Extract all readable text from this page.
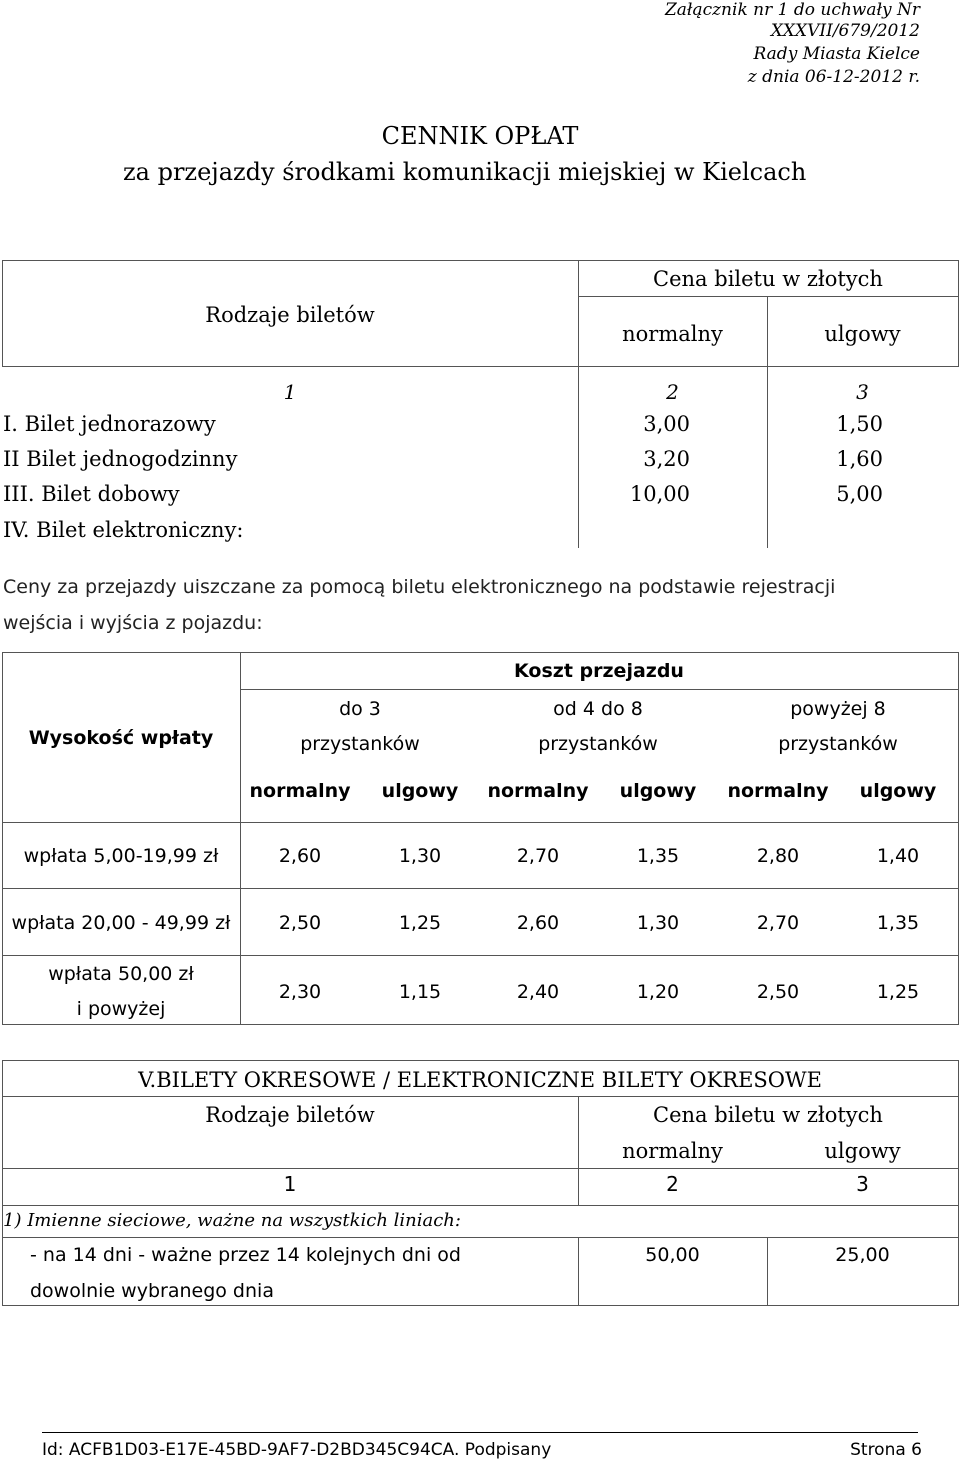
Załącznik nr 1 do uchwały Nr
XXXVII/679/2012
Rady Miasta Kielce
z dnia 06-12-2012 r.
CENNIK OPŁAT
za przejazdy środkami komunikacji miejskiej w Kielcach
Rodzaje biletów
Cena biletu w złotych
normalny	ulgowy
1	2	3
I. Bilet jednorazowy	3,00	1,50
II Bilet jednogodzinny	3,20	1,60
III. Bilet dobowy	10,00	5,00
IV. Bilet elektroniczny:
Ceny za przejazdy uiszczane za pomocą biletu elektronicznego na podstawie rejestracji
wejścia i wyjścia z pojazdu:
Wysokość wpłaty
Koszt przejazdu
do 3
przystanków
od 4 do 8
przystanków
powyżej 8
przystanków
normalny	ulgowy	normalny	ulgowy	normalny	ulgowy
wpłata 5,00-19,99 zł	2,60	1,30	2,70	1,35	2,80	1,40
wpłata 20,00 - 49,99 zł	2,50	1,25	2,60	1,30	2,70	1,35
wpłata 50,00 zł
i powyżej
2,30	1,15	2,40	1,20	2,50	1,25
V.BILETY OKRESOWE / ELEKTRONICZNE BILETY OKRESOWE
Rodzaje biletów	Cena biletu w złotych
normalny	ulgowy
1	2	3
1) Imienne sieciowe, ważne na wszystkich liniach:
- na 14 dni - ważne przez 14 kolejnych dni od
dowolnie wybranego dnia
50,00	25,00
Id: ACFB1D03-E17E-45BD-9AF7-D2BD345C94CA. Podpisany	Strona 6
